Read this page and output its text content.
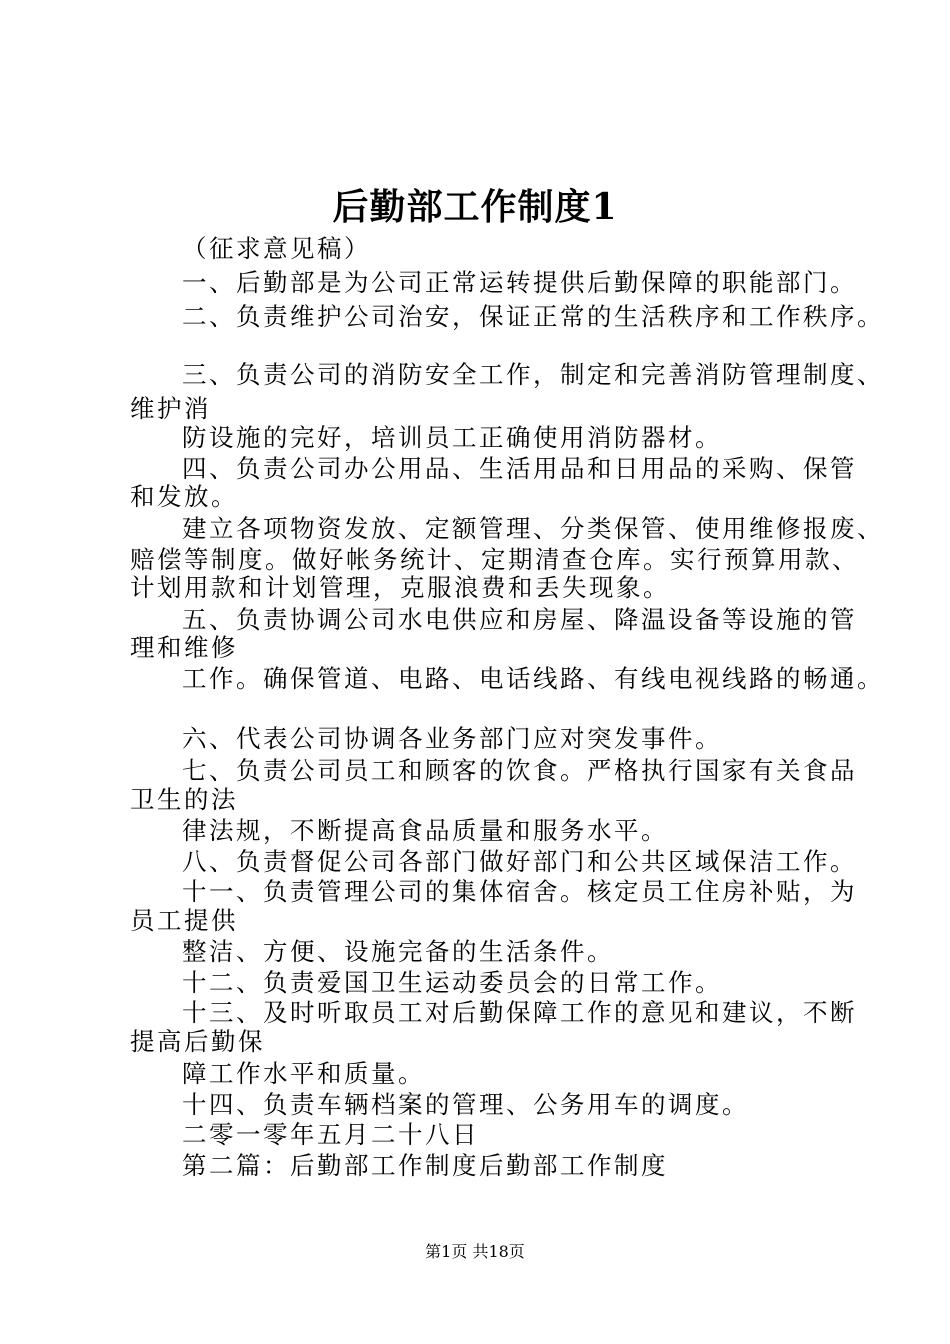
后勤部工作制度1
（征求意见稿）
一、后勤部是为公司正常运转提供后勤保障的职能部门。
二、负责维护公司治安，保证正常的生活秩序和工作秩序。
三、负责公司的消防安全工作，制定和完善消防管理制度、
维护消
防设施的完好，培训员工正确使用消防器材。
四、负责公司办公用品、生活用品和日用品的采购、保管
和发放。
建立各项物资发放、定额管理、分类保管、使用维修报废、
赔偿等制度。做好帐务统计、定期清查仓库。实行预算用款、
计划用款和计划管理，克服浪费和丢失现象。
五、负责协调公司水电供应和房屋、降温设备等设施的管
理和维修
工作。确保管道、电路、电话线路、有线电视线路的畅通。
六、代表公司协调各业务部门应对突发事件。
七、负责公司员工和顾客的饮食。严格执行国家有关食品
卫生的法
律法规，不断提高食品质量和服务水平。
八、负责督促公司各部门做好部门和公共区域保洁工作。
十一、负责管理公司的集体宿舍。核定员工住房补贴，为
员工提供
整洁、方便、设施完备的生活条件。
十二、负责爱国卫生运动委员会的日常工作。
十三、及时听取员工对后勤保障工作的意见和建议，不断
提高后勤保
障工作水平和质量。
十四、负责车辆档案的管理、公务用车的调度。
二零一零年五月二十八日
第二篇：后勤部工作制度后勤部工作制度
第1页 共18页
